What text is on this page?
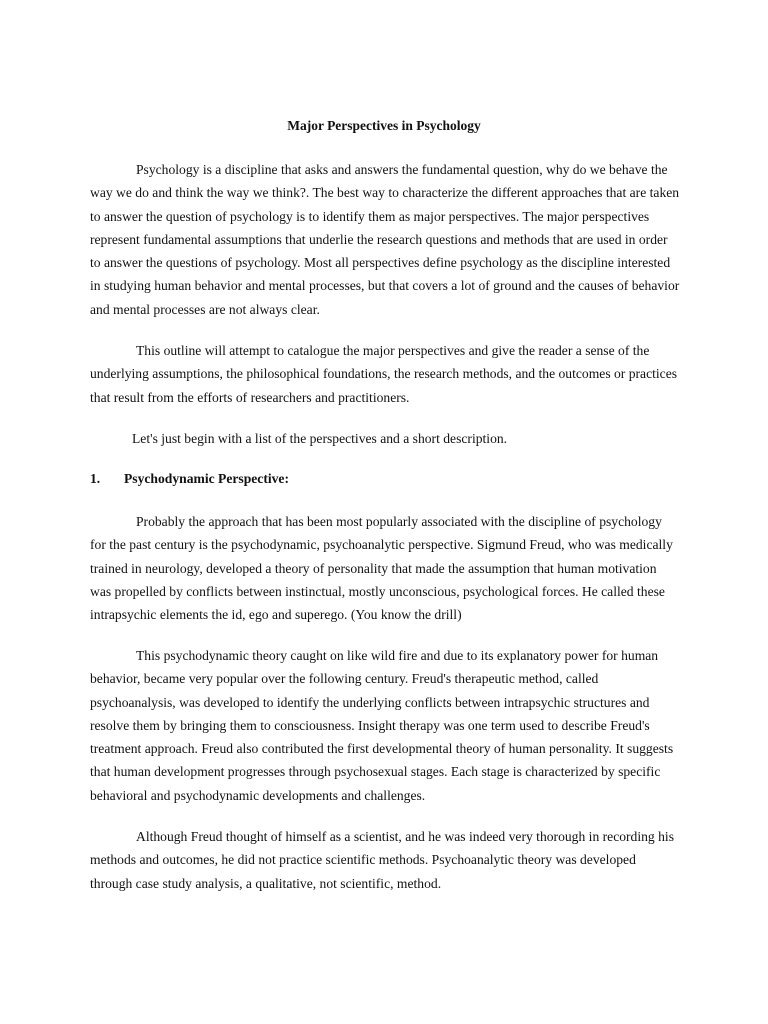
Major Perspectives in Psychology

Psychology is a discipline that asks and answers the fundamental question, why do we behave the way we do and think the way we think?. The best way to characterize the different approaches that are taken to answer the question of psychology is to identify them as major perspectives. The major perspectives represent fundamental assumptions that underlie the research questions and methods that are used in order to answer the questions of psychology. Most all perspectives define psychology as the discipline interested in studying human behavior and mental processes, but that covers a lot of ground and the causes of behavior and mental processes are not always clear.

This outline will attempt to catalogue the major perspectives and give the reader a sense of the underlying assumptions, the philosophical foundations, the research methods, and the outcomes or practices that result from the efforts of researchers and practitioners.

Let's just begin with a list of the perspectives and a short description.

1. Psychodynamic Perspective:

Probably the approach that has been most popularly associated with the discipline of psychology for the past century is the psychodynamic, psychoanalytic perspective. Sigmund Freud, who was medically trained in neurology, developed a theory of personality that made the assumption that human motivation was propelled by conflicts between instinctual, mostly unconscious, psychological forces. He called these intrapsychic elements the id, ego and superego. (You know the drill)

This psychodynamic theory caught on like wild fire and due to its explanatory power for human behavior, became very popular over the following century. Freud's therapeutic method, called psychoanalysis, was developed to identify the underlying conflicts between intrapsychic structures and resolve them by bringing them to consciousness. Insight therapy was one term used to describe Freud's treatment approach. Freud also contributed the first developmental theory of human personality. It suggests that human development progresses through psychosexual stages. Each stage is characterized by specific behavioral and psychodynamic developments and challenges.

Although Freud thought of himself as a scientist, and he was indeed very thorough in recording his methods and outcomes, he did not practice scientific methods. Psychoanalytic theory was developed through case study analysis, a qualitative, not scientific, method.
